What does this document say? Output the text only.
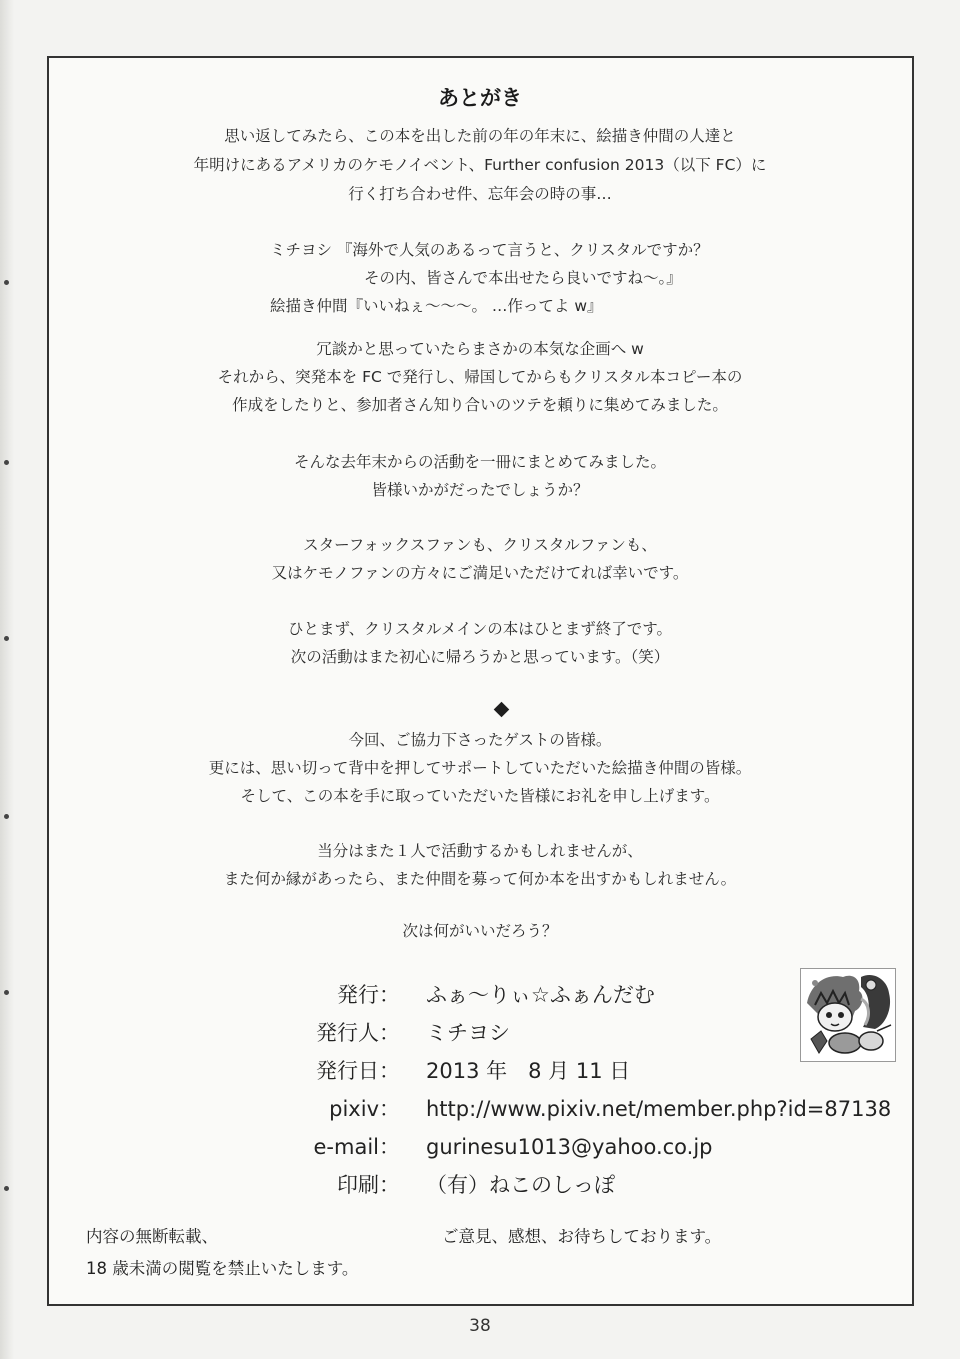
あとがき
思い返してみたら、この本を出した前の年の年末に、絵描き仲間の人達と
年明けにあるアメリカのケモノイベント、Further confusion 2013（以下 FC）に
行く打ち合わせ件、忘年会の時の事…
ミチヨシ 『海外で人気のあるって言うと、クリスタルですか？
その内、皆さんで本出せたら良いですね～。』
絵描き仲間『いいねぇ～～～。 …作ってよ w』
冗談かと思っていたらまさかの本気な企画へ w
それから、突発本を FC で発行し、帰国してからもクリスタル本コピー本の
作成をしたりと、参加者さん知り合いのツテを頼りに集めてみました。
そんな去年末からの活動を一冊にまとめてみました。
皆様いかがだったでしょうか？
スターフォックスファンも、クリスタルファンも、
又はケモノファンの方々にご満足いただけてれば幸いです。
ひとまず、クリスタルメインの本はひとまず終了です。
次の活動はまた初心に帰ろうかと思っています。（笑）
今回、ご協力下さったゲストの皆様。
更には、思い切って背中を押してサポートしていただいた絵描き仲間の皆様。
そして、この本を手に取っていただいた皆様にお礼を申し上げます。
当分はまた１人で活動するかもしれませんが、
また何か縁があったら、また仲間を募って何か本を出すかもしれません。
次は何がいいだろう？
発行： ふぁ～りぃ☆ふぁんだむ
発行人： ミチヨシ
発行日： 2013 年　8 月 11 日
pixiv： http://www.pixiv.net/member.php?id=87138
e-mail： gurinesu1013@yahoo.co.jp
印刷： （有）ねこのしっぽ
内容の無断転載、
18 歳未満の閲覧を禁止いたします。
ご意見、感想、お待ちしております。
38
